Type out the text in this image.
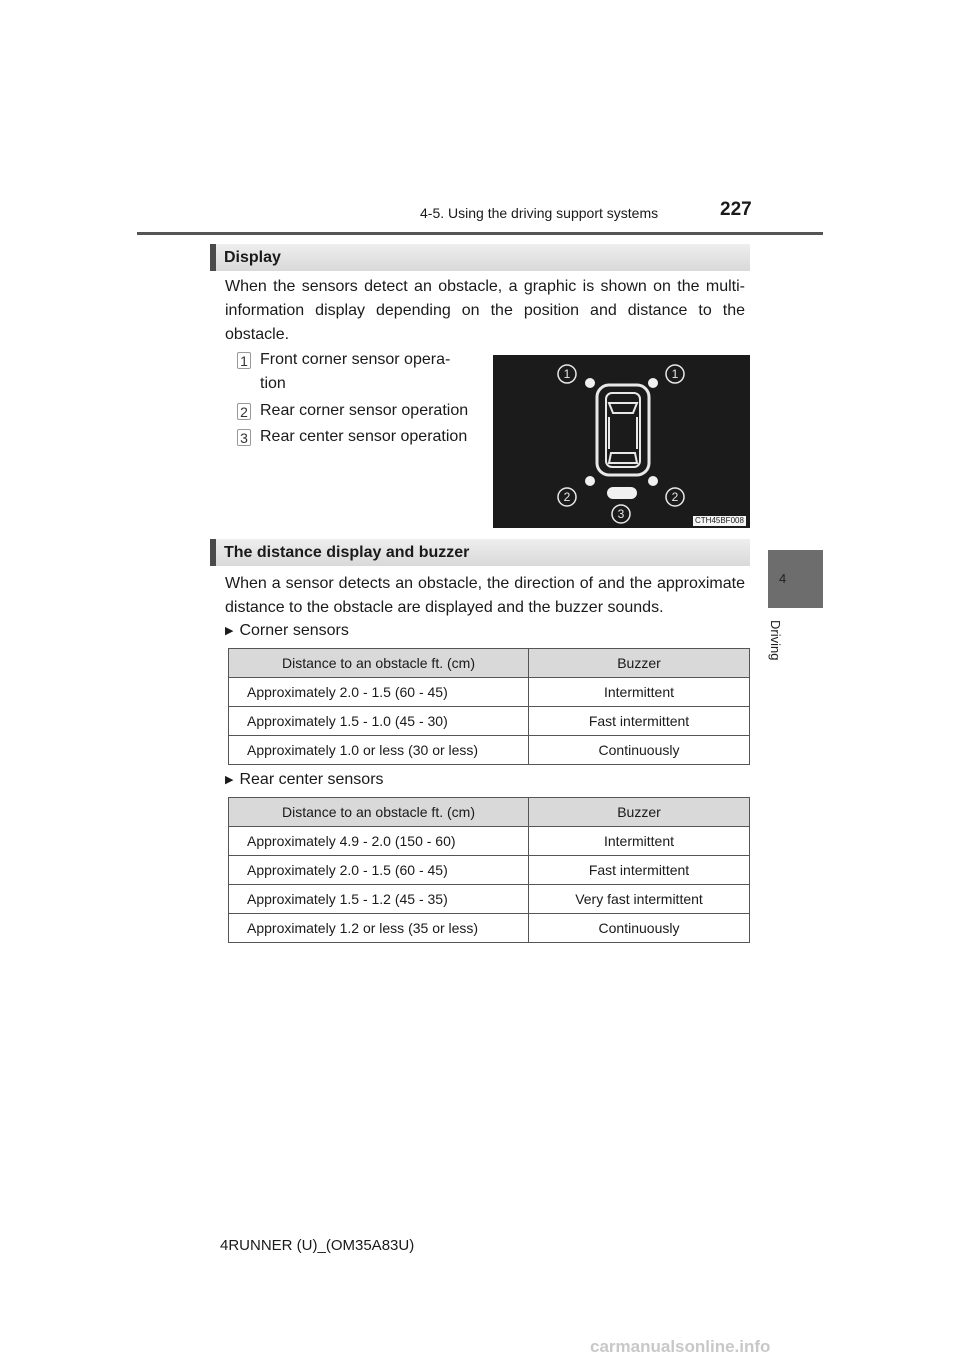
4-5. Using the driving support systems	227
4
Driving
Display
When the sensors detect an obstacle, a graphic is shown on the multi-information display depending on the position and distance to the obstacle.
1 Front corner sensor opera-
tion
2 Rear corner sensor operation
3 Rear center sensor operation
1	1
2	2
3	CTH45BF008
The distance display and buzzer
When a sensor detects an obstacle, the direction of and the approximate distance to the obstacle are displayed and the buzzer sounds.
▶ Corner sensors
Distance to an obstacle ft. (cm)	Buzzer
Approximately 2.0 - 1.5 (60 - 45)	Intermittent
Approximately 1.5 - 1.0 (45 - 30)	Fast intermittent
Approximately 1.0 or less (30 or less)	Continuously
▶ Rear center sensors
Distance to an obstacle ft. (cm)	Buzzer
Approximately 4.9 - 2.0 (150 - 60)	Intermittent
Approximately 2.0 - 1.5 (60 - 45)	Fast intermittent
Approximately 1.5 - 1.2 (45 - 35)	Very fast intermittent
Approximately 1.2 or less (35 or less)	Continuously
4RUNNER (U)_(OM35A83U)
carmanualsonline.info
